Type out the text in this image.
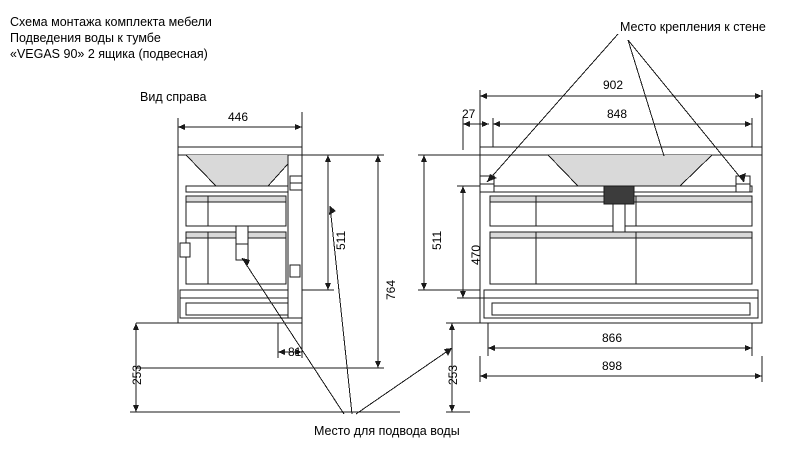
Схема монтажа комплекта мебели
Подведения воды к тумбе
«VEGAS 90» 2 ящика (подвесная)
Вид справа
Место крепления к стене
Место для подвода воды
446
511
764
253
81
902
848
27
511
470
253
866
898
